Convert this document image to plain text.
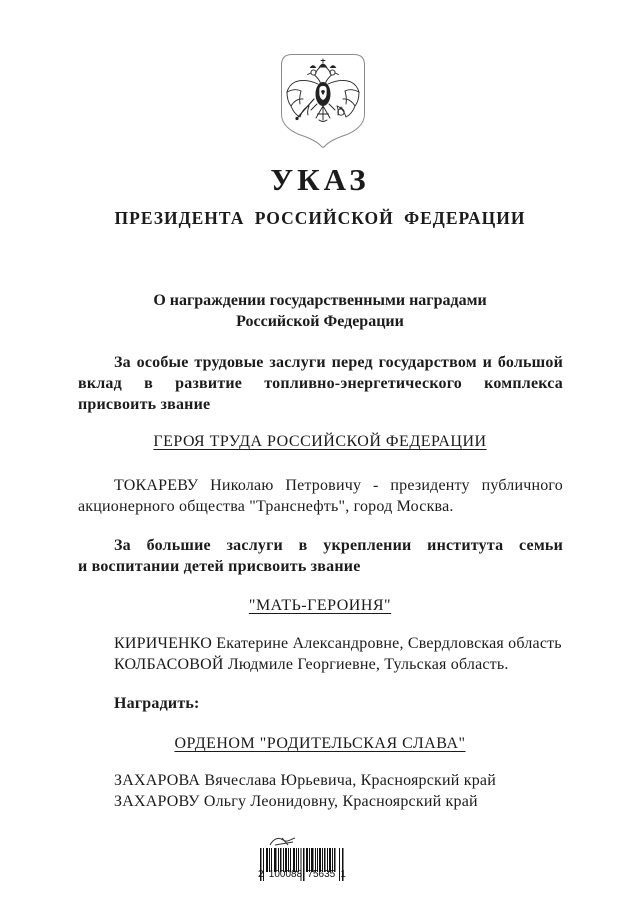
УКАЗ
ПРЕЗИДЕНТА РОССИЙСКОЙ ФЕДЕРАЦИИ
О награждении государственными наградами
Российской Федерации
За особые трудовые заслуги перед государством и большой
вклад в развитие топливно-энергетического комплекса
присвоить звание
ГЕРОЯ ТРУДА РОССИЙСКОЙ ФЕДЕРАЦИИ
ТОКАРЕВУ Николаю Петровичу - президенту публичного
акционерного общества "Транснефть", город Москва.
За большие заслуги в укреплении института семьи
и воспитании детей присвоить звание
"МАТЬ-ГЕРОИНЯ"
КИРИЧЕНКО Екатерине Александровне, Свердловская область
КОЛБАСОВОЙ Людмиле Георгиевне, Тульская область.
Наградить:
ОРДЕНОМ "РОДИТЕЛЬСКАЯ СЛАВА"
ЗАХАРОВА Вячеслава Юрьевича, Красноярский край
ЗАХАРОВУ Ольгу Леонидовну, Красноярский край
2 100088 75635 1
